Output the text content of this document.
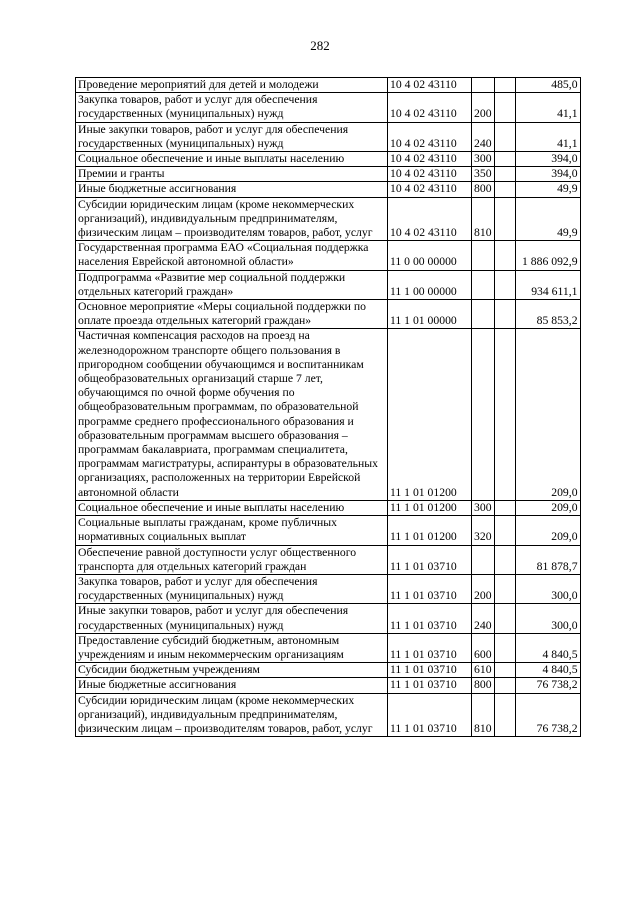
282
Проведение мероприятий для детей и молодежи	10 4 02 43110			485,0
Закупка товаров, работ и услуг для обеспечения государственных (муниципальных) нужд	10 4 02 43110	200		41,1
Иные закупки товаров, работ и услуг для обеспечения государственных (муниципальных) нужд	10 4 02 43110	240		41,1
Социальное обеспечение и иные выплаты населению	10 4 02 43110	300		394,0
Премии и гранты	10 4 02 43110	350		394,0
Иные бюджетные ассигнования	10 4 02 43110	800		49,9
Субсидии юридическим лицам (кроме некоммерческих организаций), индивидуальным предпринимателям, физическим лицам – производителям товаров, работ, услуг	10 4 02 43110	810		49,9
Государственная программа ЕАО «Социальная поддержка населения Еврейской автономной области»	11 0 00 00000			1 886 092,9
Подпрограмма «Развитие мер социальной поддержки отдельных категорий граждан»	11 1 00 00000			934 611,1
Основное мероприятие «Меры социальной поддержки по оплате проезда отдельных категорий граждан»	11 1 01 00000			85 853,2
Частичная компенсация расходов на проезд на железнодорожном транспорте общего пользования в пригородном сообщении обучающимся и воспитанникам общеобразовательных организаций старше 7 лет, обучающимся по очной форме обучения по общеобразовательным программам, по образовательной программе среднего профессионального образования и образовательным программам высшего образования – программам бакалавриата, программам специалитета, программам магистратуры, аспирантуры в образовательных организациях, расположенных на территории Еврейской автономной области	11 1 01 01200			209,0
Социальное обеспечение и иные выплаты населению	11 1 01 01200	300		209,0
Социальные выплаты гражданам, кроме публичных нормативных социальных выплат	11 1 01 01200	320		209,0
Обеспечение равной доступности услуг общественного транспорта для отдельных категорий граждан	11 1 01 03710			81 878,7
Закупка товаров, работ и услуг для обеспечения государственных (муниципальных) нужд	11 1 01 03710	200		300,0
Иные закупки товаров, работ и услуг для обеспечения государственных (муниципальных) нужд	11 1 01 03710	240		300,0
Предоставление субсидий бюджетным, автономным учреждениям и иным некоммерческим организациям	11 1 01 03710	600		4 840,5
Субсидии бюджетным учреждениям	11 1 01 03710	610		4 840,5
Иные бюджетные ассигнования	11 1 01 03710	800		76 738,2
Субсидии юридическим лицам (кроме некоммерческих организаций), индивидуальным предпринимателям, физическим лицам – производителям товаров, работ, услуг	11 1 01 03710	810		76 738,2
